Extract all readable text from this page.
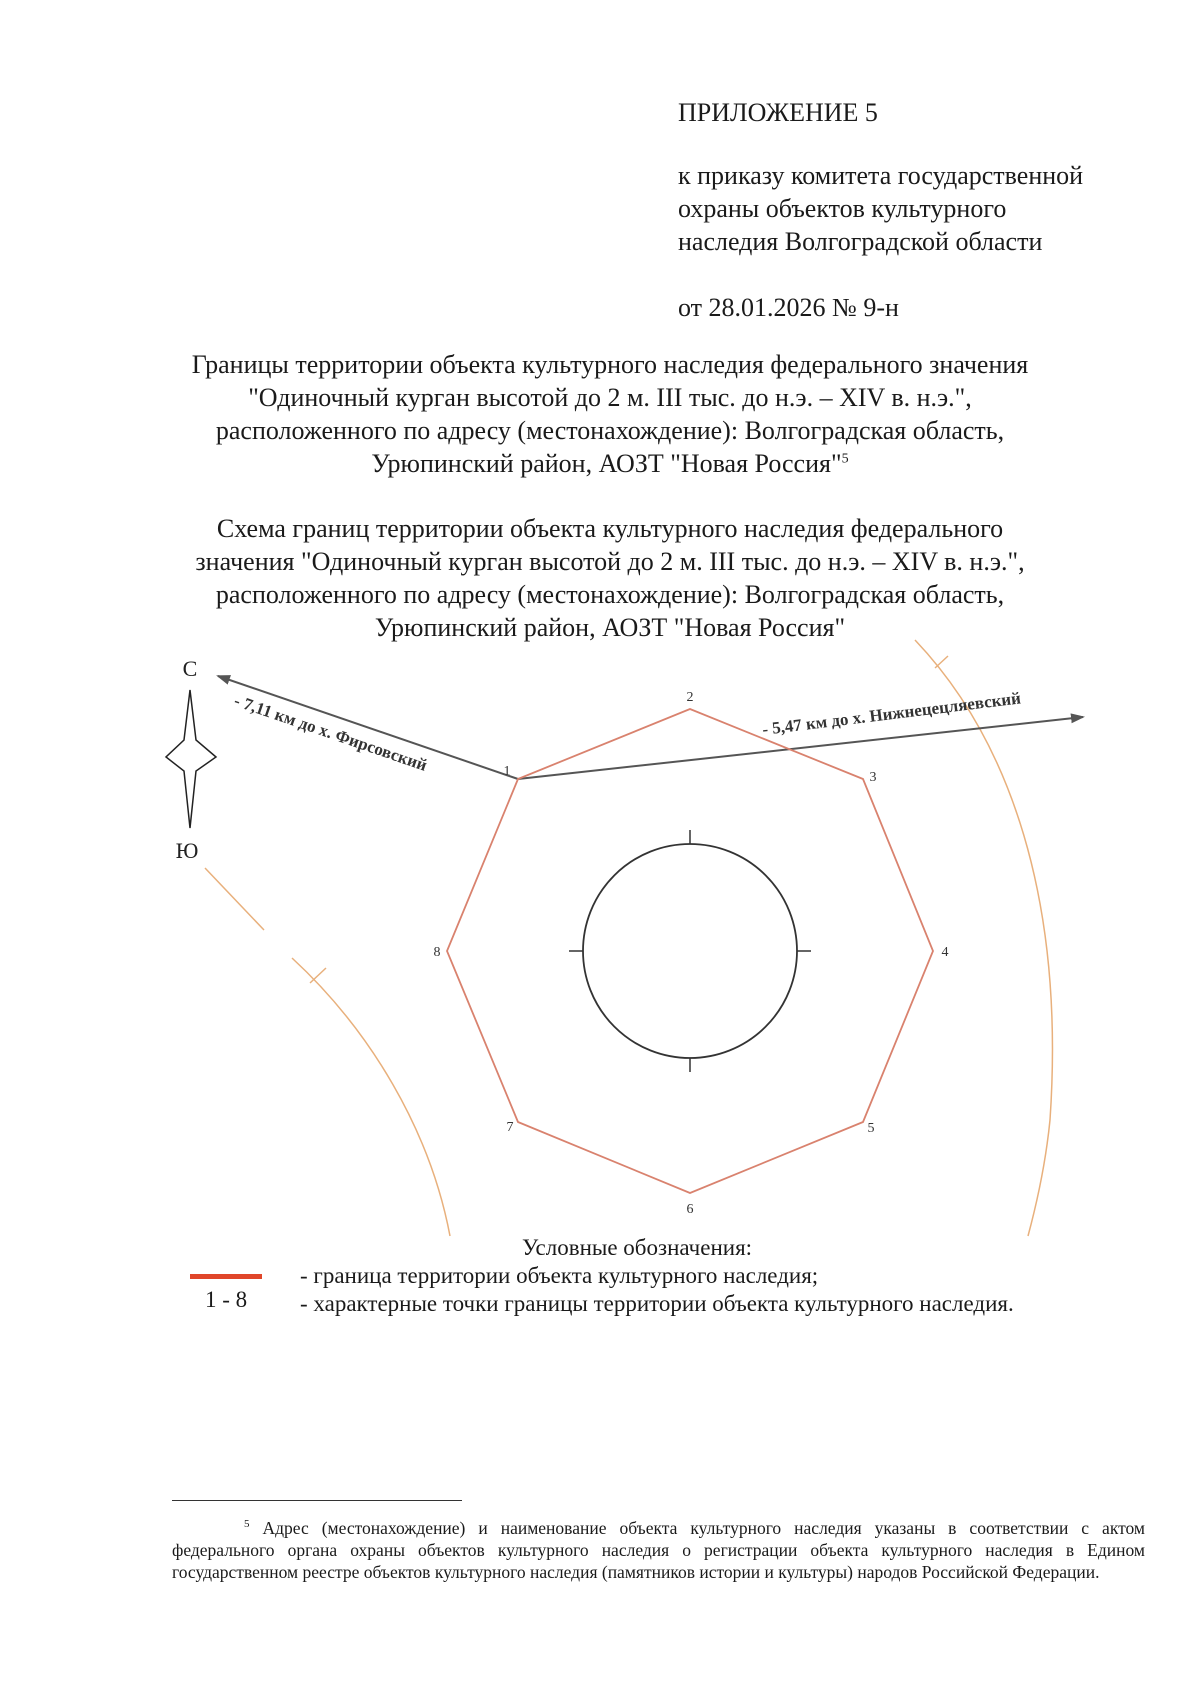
ПРИЛОЖЕНИЕ 5
к приказу комитета государственной
охраны объектов культурного
наследия Волгоградской области
от 28.01.2026 № 9-н
Границы территории объекта культурного наследия федерального значения
"Одиночный курган высотой до 2 м. III тыс. до н.э. – XIV в. н.э.",
расположенного по адресу (местонахождение): Волгоградская область,
Урюпинский район, АОЗТ "Новая Россия"$^5$
Схема границ территории объекта культурного наследия федерального
значения "Одиночный курган высотой до 2 м. III тыс. до н.э. – XIV в. н.э.",
расположенного по адресу (местонахождение): Волгоградская область,
Урюпинский район, АОЗТ "Новая Россия"
С
Ю
- 7,11 км до х. Фирсовский	- 5,47 км до х. Нижнецецляевский
1
2
3
4
5
6
7
8
Условные обозначения:
- граница территории объекта культурного наследия;
1 - 8 - характерные точки границы территории объекта культурного наследия.
$^5$ Адрес (местонахождение) и наименование объекта культурного наследия указаны в соответствии с актом федерального органа охраны объектов культурного наследия о регистрации объекта культурного наследия в Едином государственном реестре объектов культурного наследия (памятников истории и культуры) народов Российской Федерации.
